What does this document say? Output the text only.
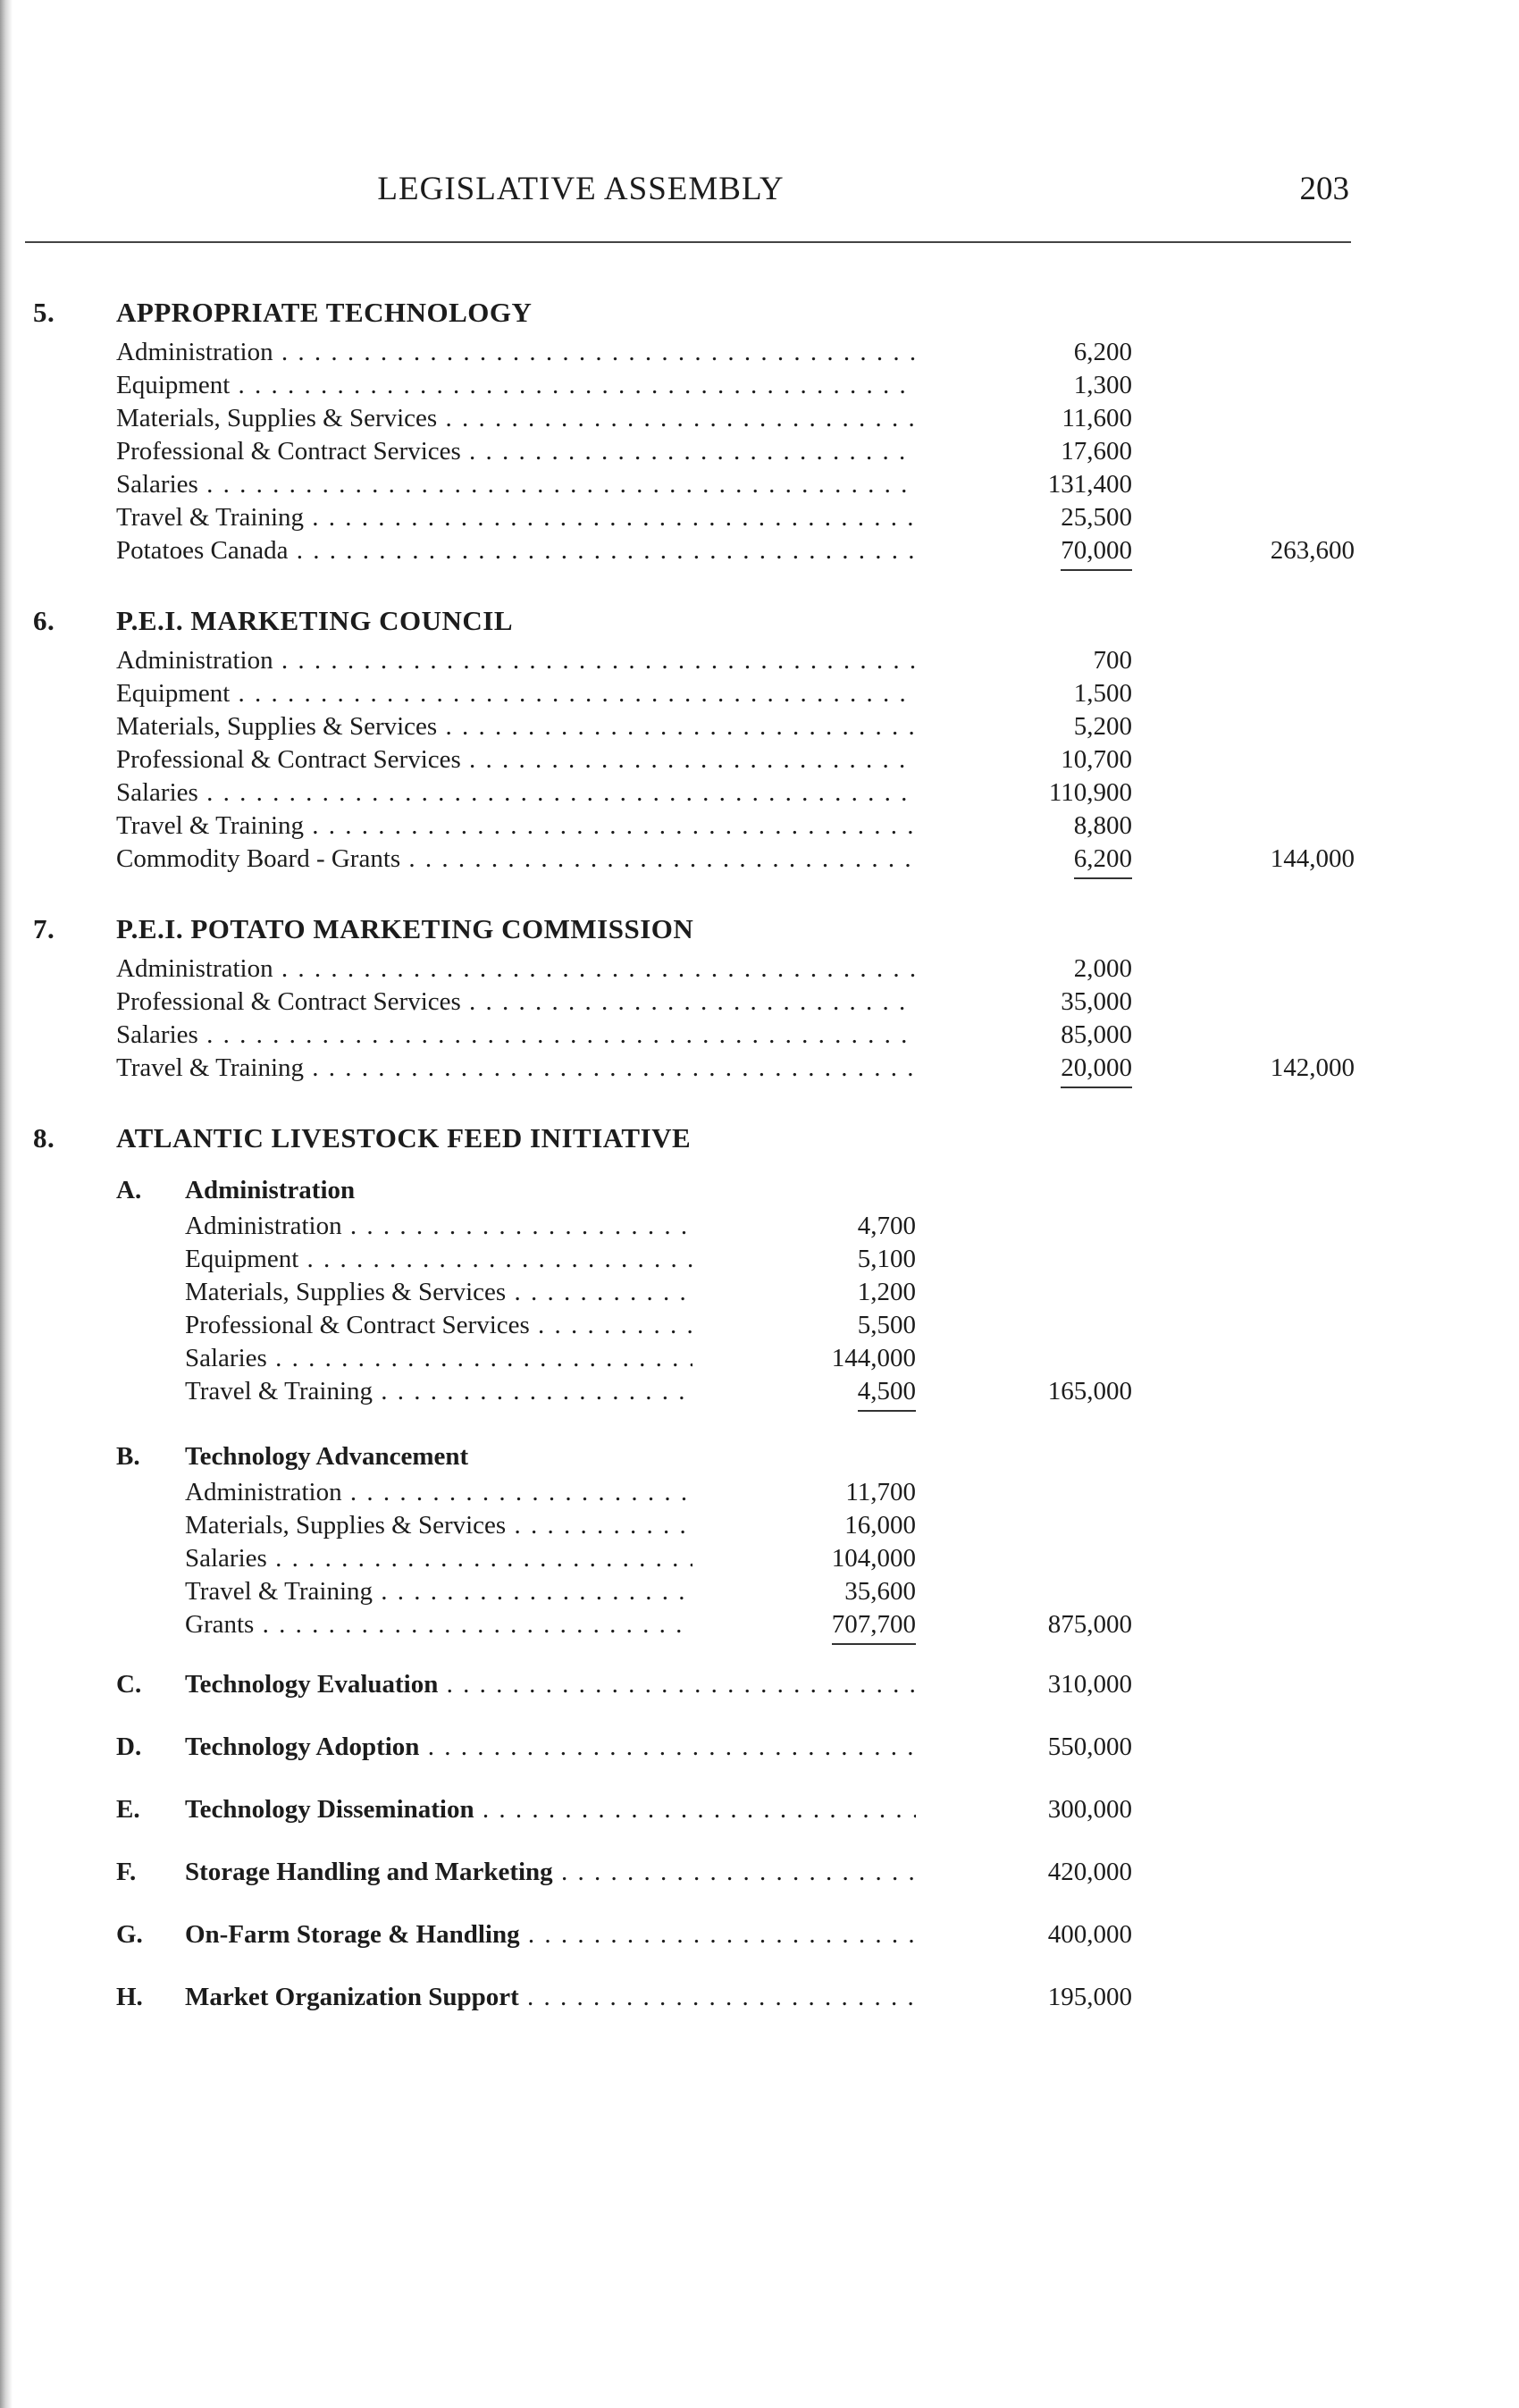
LEGISLATIVE ASSEMBLY	203
5. APPROPRIATE TECHNOLOGY
Administration . . .	6,200
Equipment . . .	1,300
Materials, Supplies & Services . . .	11,600
Professional & Contract Services . . .	17,600
Salaries . . .	131,400
Travel & Training . . .	25,500
Potatoes Canada . . .	70,000	263,600
6. P.E.I. MARKETING COUNCIL
Administration . . .	700
Equipment . . .	1,500
Materials, Supplies & Services . . .	5,200
Professional & Contract Services . . .	10,700
Salaries . . .	110,900
Travel & Training . . .	8,800
Commodity Board - Grants . . .	6,200	144,000
7. P.E.I. POTATO MARKETING COMMISSION
Administration . . .	2,000
Professional & Contract Services . . .	35,000
Salaries . . .	85,000
Travel & Training . . .	20,000	142,000
8. ATLANTIC LIVESTOCK FEED INITIATIVE
A. Administration
Administration . . .	4,700
Equipment . . .	5,100
Materials, Supplies & Services . . .	1,200
Professional & Contract Services . . .	5,500
Salaries . . .	144,000
Travel & Training . . .	4,500	165,000
B. Technology Advancement
Administration . . .	11,700
Materials, Supplies & Services . . .	16,000
Salaries . . .	104,000
Travel & Training . . .	35,600
Grants . . .	707,700	875,000
C. Technology Evaluation . . .	310,000
D. Technology Adoption . . .	550,000
E. Technology Dissemination . . .	300,000
F. Storage Handling and Marketing . . .	420,000
G. On-Farm Storage & Handling . . .	400,000
H. Market Organization Support . . .	195,000
